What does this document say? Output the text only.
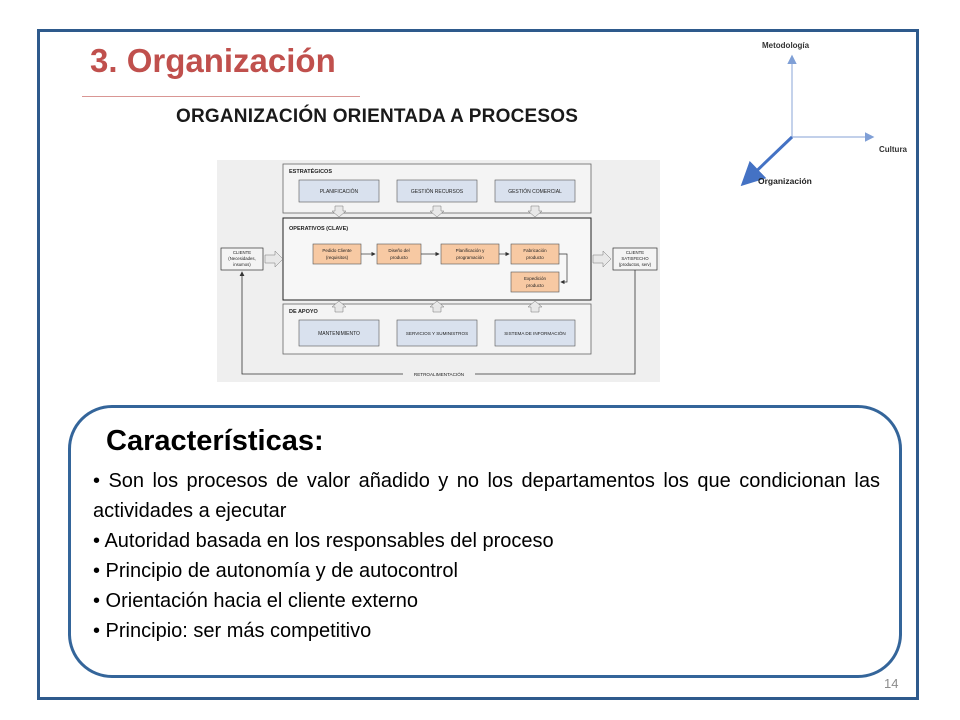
3. Organización
ORGANIZACIÓN ORIENTADA A PROCESOS
Metodología
Cultura
Organización
ESTRATÉGICOS
PLANIFICACIÓN	GESTIÓN RECURSOS	GESTIÓN COMERCIAL
OPERATIVOS (CLAVE)
Pedido Cliente
(requisitos)
Diseño del
producto
Planificación y
programación
Fabricación
producto
Expedición
producto
CLIENTE
(Necesidades,
insumos)
CLIENTE
SATISFECHO
(productos, serv)
DE APOYO
MANTENIMIENTO	SERVICIOS Y SUMINISTROS	SISTEMA DE INFORMACIÓN
RETROALIMENTACIÓN
Características:
• Son los procesos de valor añadido y no los departamentos los que condicionan las actividades a ejecutar
• Autoridad basada en los responsables del proceso
• Principio de autonomía y de autocontrol
• Orientación hacia el cliente externo
• Principio: ser más competitivo
14
